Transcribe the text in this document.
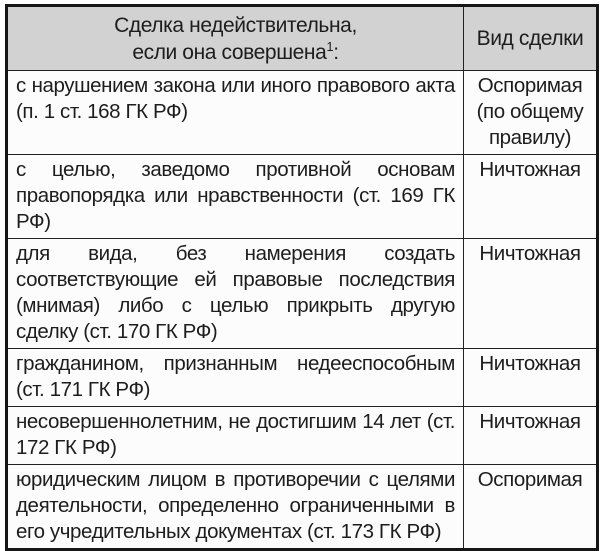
Сделка недействительна,
если она совершена$^1$:	Вид сделки
с нарушением закона или иного правового акта (п. 1 ст. 168 ГК РФ)	Оспоримая (по общему правилу)
с целью, заведомо противной основам правопорядка или нравственности (ст. 169 ГК РФ)	Ничтожная
для вида, без намерения создать соответствующие ей правовые последствия (мнимая) либо с целью прикрыть другую сделку (ст. 170 ГК РФ)	Ничтожная
гражданином, признанным недееспособным (ст. 171 ГК РФ)	Ничтожная
несовершеннолетним, не достигшим 14 лет (ст. 172 ГК РФ)	Ничтожная
юридическим лицом в противоречии с целями деятельности, определенно ограниченными в его учредительных документах (ст. 173 ГК РФ)	Оспоримая
